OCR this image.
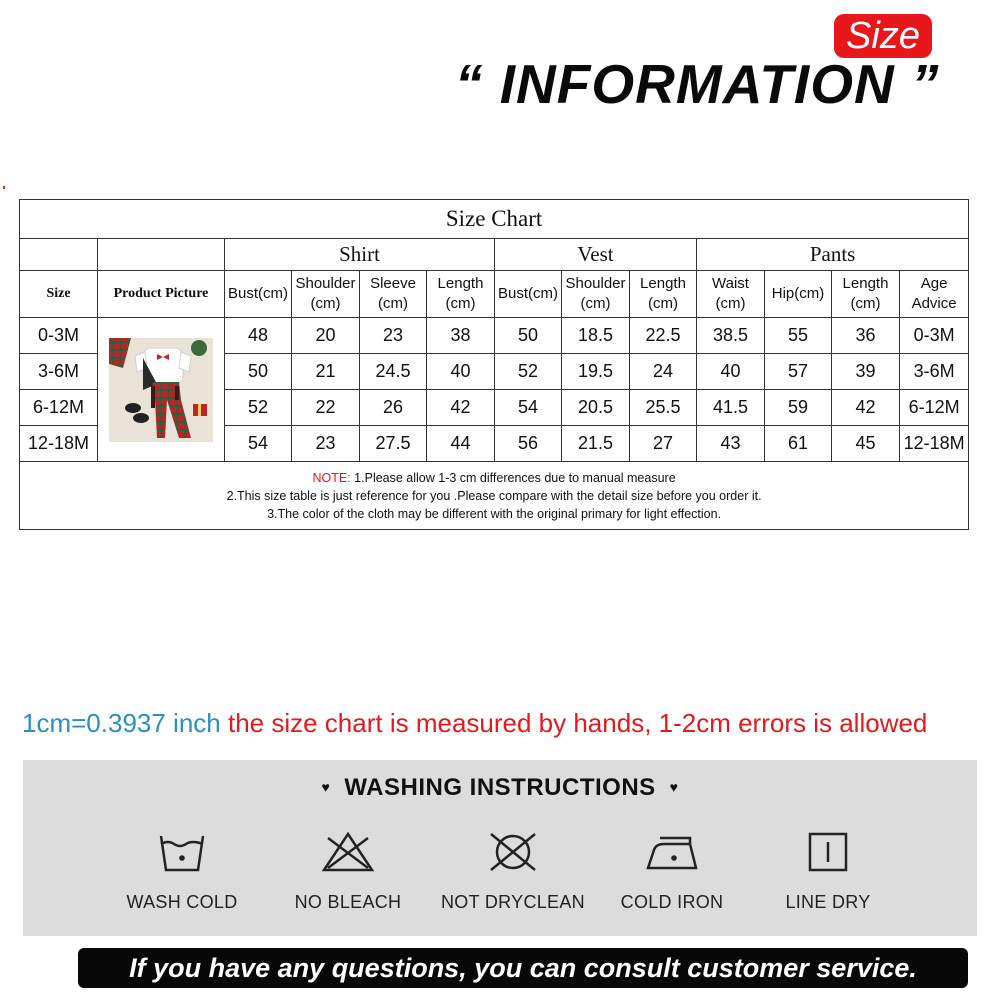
Size
“ INFORMATION ”
Size Chart												
		Shirt				Vest			Pants			
Size	Product Picture	Bust(cm)	Shoulder (cm)	Sleeve (cm)	Length (cm)	Bust(cm)	Shoulder (cm)	Length (cm)	Waist (cm)	Hip(cm)	Length (cm)	Age Advice
0-3M		48	20	23	38	50	18.5	22.5	38.5	55	36	0-3M
3-6M		50	21	24.5	40	52	19.5	24	40	57	39	3-6M
6-12M		52	22	26	42	54	20.5	25.5	41.5	59	42	6-12M
12-18M		54	23	27.5	44	56	21.5	27	43	61	45	12-18M

NOTE: 1.Please allow 1-3 cm differences due to manual measure
2.This size table is just reference for you .Please compare with the detail size before you order it.
3.The color of the cloth may be different with the original primary for light effection.												
1cm=0.3937 inch the size chart is measured by hands, 1-2cm errors is allowed
♥ WASHING INSTRUCTIONS ♥
WASH COLD	NO BLEACH	NOT DRYCLEAN	COLD IRON	LINE DRY
If you have any questions, you can consult customer service.
